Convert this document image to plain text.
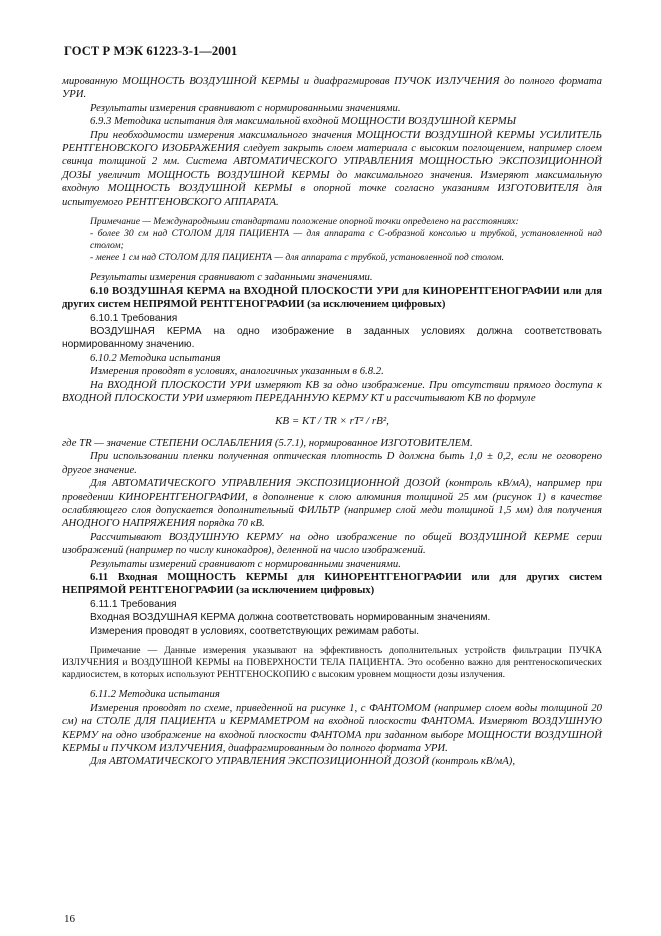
ГОСТ Р МЭК 61223-3-1—2001

мированную МОЩНОСТЬ ВОЗДУШНОЙ КЕРМЫ и диафрагмировав ПУЧОК ИЗЛУЧЕНИЯ до полного формата УРИ.

Результаты измерения сравнивают с нормированными значениями.

6.9.3 Методика испытания для максимальной входной МОЩНОСТИ ВОЗДУШНОЙ КЕРМЫ

При необходимости измерения максимального значения МОЩНОСТИ ВОЗДУШНОЙ КЕРМЫ УСИЛИТЕЛЬ РЕНТГЕНОВСКОГО ИЗОБРАЖЕНИЯ следует закрыть слоем материала с высоким поглощением, например слоем свинца толщиной 2 мм. Система АВТОМАТИЧЕСКОГО УПРАВЛЕНИЯ МОЩНОСТЬЮ ЭКСПОЗИЦИОННОЙ ДОЗЫ увеличит МОЩНОСТЬ ВОЗДУШНОЙ КЕРМЫ до максимального значения. Измеряют максимальную входную МОЩНОСТЬ ВОЗДУШНОЙ КЕРМЫ в опорной точке согласно указаниям ИЗГОТОВИТЕЛЯ для испытуемого РЕНТГЕНОВСКОГО АППАРАТА.

Примечание — Международными стандартами положение опорной точки определено на расстояниях:

- более 30 см над СТОЛОМ ДЛЯ ПАЦИЕНТА — для аппарата с С-образной консолью и трубкой, установленной над столом;

- менее 1 см над СТОЛОМ ДЛЯ ПАЦИЕНТА — для аппарата с трубкой, установленной под столом.

Результаты измерения сравнивают с заданными значениями.

6.10 ВОЗДУШНАЯ КЕРМА на ВХОДНОЙ ПЛОСКОСТИ УРИ для КИНОРЕНТГЕНОГРАФИИ или для других систем НЕПРЯМОЙ РЕНТГЕНОГРАФИИ (за исключением цифровых)

6.10.1 Требования

ВОЗДУШНАЯ КЕРМА на одно изображение в заданных условиях должна соответствовать нормированному значению.

6.10.2 Методика испытания

Измерения проводят в условиях, аналогичных указанным в 6.8.2.

На ВХОДНОЙ ПЛОСКОСТИ УРИ измеряют KB за одно изображение. При отсутствии прямого доступа к ВХОДНОЙ ПЛОСКОСТИ УРИ измеряют ПЕРЕДАННУЮ КЕРМУ KT и рассчитывают KB по формуле

KB = KT / TR × rT² / rB²,

где TR — значение СТЕПЕНИ ОСЛАБЛЕНИЯ (5.7.1), нормированное ИЗГОТОВИТЕЛЕМ.

При использовании пленки полученная оптическая плотность D должна быть 1,0 ± 0,2, если не оговорено другое значение.

Для АВТОМАТИЧЕСКОГО УПРАВЛЕНИЯ ЭКСПОЗИЦИОННОЙ ДОЗОЙ (контроль кВ/мА), например при проведении КИНОРЕНТГЕНОГРАФИИ, в дополнение к слою алюминия толщиной 25 мм (рисунок 1) в качестве ослабляющего слоя допускается дополнительный ФИЛЬТР (например слой меди толщиной 1,5 мм) для получения АНОДНОГО НАПРЯЖЕНИЯ порядка 70 кВ.

Рассчитывают ВОЗДУШНУЮ КЕРМУ на одно изображение по общей ВОЗДУШНОЙ КЕРМЕ серии изображений (например по числу кинокадров), деленной на число изображений.

Результаты измерений сравнивают с нормированными значениями.

6.11 Входная МОЩНОСТЬ КЕРМЫ для КИНОРЕНТГЕНОГРАФИИ или для других систем НЕПРЯМОЙ РЕНТГЕНОГРАФИИ (за исключением цифровых)

6.11.1 Требования

Входная ВОЗДУШНАЯ КЕРМА должна соответствовать нормированным значениям.

Измерения проводят в условиях, соответствующих режимам работы.

Примечание — Данные измерения указывают на эффективность дополнительных устройств фильтрации ПУЧКА ИЗЛУЧЕНИЯ и ВОЗДУШНОЙ КЕРМЫ на ПОВЕРХНОСТИ ТЕЛА ПАЦИЕНТА. Это особенно важно для рентгеноскопических кардиосистем, в которых используют РЕНТГЕНОСКОПИЮ с высоким уровнем мощности дозы излучения.

6.11.2 Методика испытания

Измерения проводят по схеме, приведенной на рисунке 1, с ФАНТОМОМ (например слоем воды толщиной 20 см) на СТОЛЕ ДЛЯ ПАЦИЕНТА и КЕРМАМЕТРОМ на входной плоскости ФАНТОМА. Измеряют ВОЗДУШНУЮ КЕРМУ на одно изображение на входной плоскости ФАНТОМА при заданном выборе МОЩНОСТИ ВОЗДУШНОЙ КЕРМЫ и ПУЧКОМ ИЗЛУЧЕНИЯ, диафрагмированным до полного формата УРИ.

Для АВТОМАТИЧЕСКОГО УПРАВЛЕНИЯ ЭКСПОЗИЦИОННОЙ ДОЗОЙ (контроль кВ/мА),

16
